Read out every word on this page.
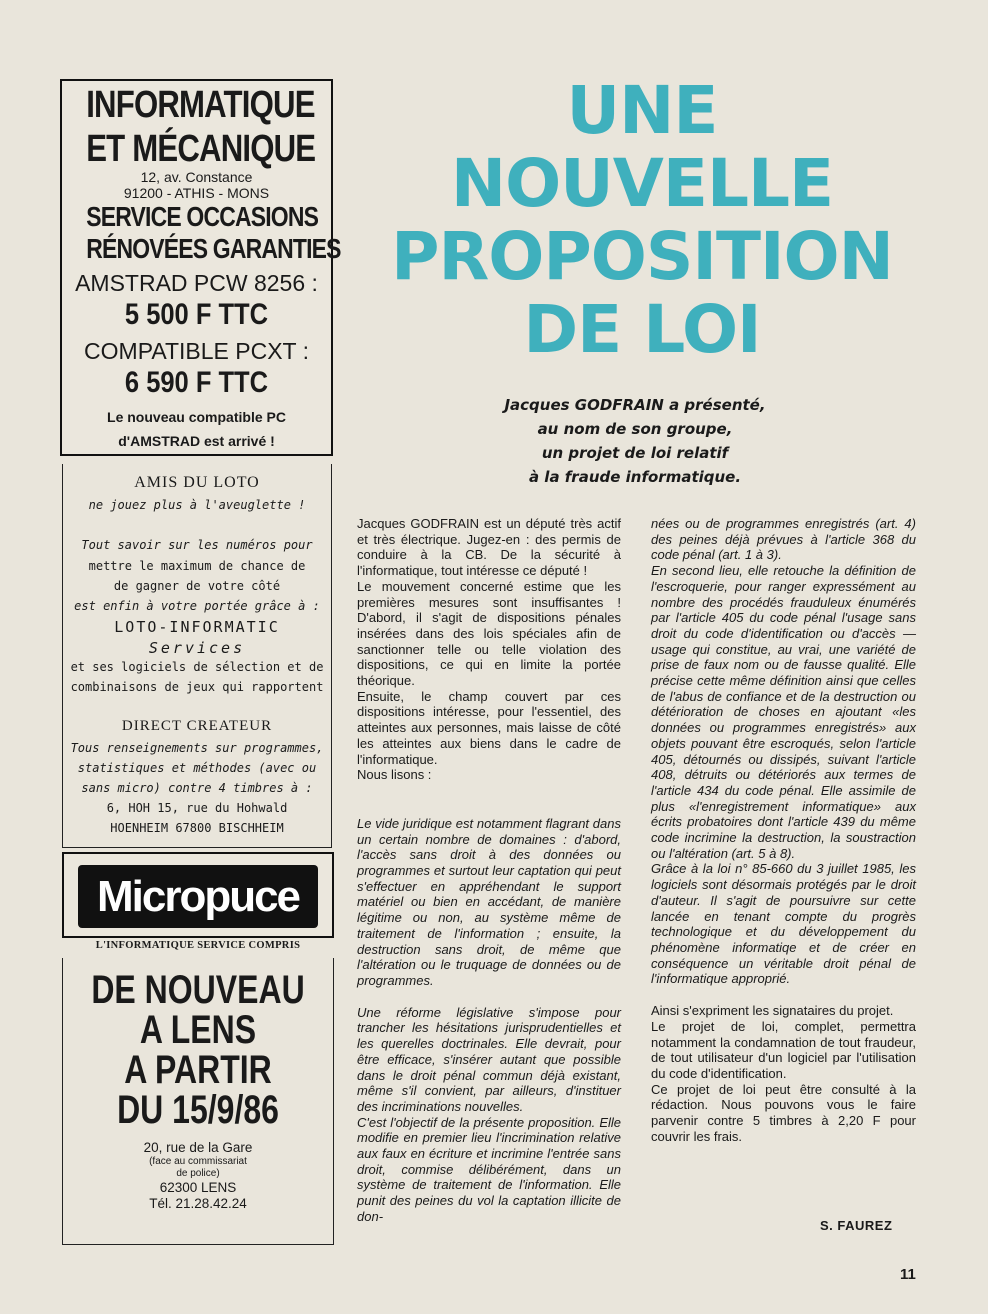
INFORMATIQUE
ET MÉCANIQUE
12, av. Constance
91200 - ATHIS - MONS
SERVICE OCCASIONS
RÉNOVÉES GARANTIES
AMSTRAD PCW 8256 :
5 500 F TTC
COMPATIBLE PCXT :
6 590 F TTC
Le nouveau compatible PC
d'AMSTRAD est arrivé !
AMIS DU LOTO
ne jouez plus à l'aveuglette !
Tout savoir sur les numéros pour
mettre le maximum de chance de
de gagner de votre côté
est enfin à votre portée grâce à :
LOTO-INFORMATIC
Services
et ses logiciels de sélection et de
combinaisons de jeux qui rapportent
DIRECT CREATEUR
Tous renseignements sur programmes,
statistiques et méthodes (avec ou
sans micro) contre 4 timbres à :
6, HOH 15, rue du Hohwald
HOENHEIM 67800 BISCHHEIM
Micropuce
L'INFORMATIQUE SERVICE COMPRIS
DE NOUVEAU
A LENS
A PARTIR
DU 15/9/86
20, rue de la Gare
(face au commissariat
de police)
62300 LENS
Tél. 21.28.42.24
UNE NOUVELLE
PROPOSITION
DE LOI
Jacques GODFRAIN a présenté,
au nom de son groupe,
un projet de loi relatif
à la fraude informatique.

Jacques GODFRAIN est un député très actif et très électrique. Jugez-en : des permis de conduire à la CB. De la sécurité à l'informatique, tout intéresse ce député !

Le mouvement concerné estime que les premières mesures sont insuffisantes ! D'abord, il s'agit de dispositions pénales insérées dans des lois spéciales afin de sanctionner telle ou telle violation des dispositions, ce qui en limite la portée théorique.

Ensuite, le champ couvert par ces dispositions intéresse, pour l'essentiel, des atteintes aux personnes, mais laisse de côté les atteintes aux biens dans le cadre de l'informatique.

Nous lisons :

Le vide juridique est notamment flagrant dans un certain nombre de domaines : d'abord, l'accès sans droit à des données ou programmes et surtout leur captation qui peut s'effectuer en appréhendant le support matériel ou bien en accédant, de manière légitime ou non, au système même de traitement de l'information ; ensuite, la destruction sans droit, de même que l'altération ou le truquage de données ou de programmes.

Une réforme législative s'impose pour trancher les hésitations jurisprudentielles et les querelles doctrinales. Elle devrait, pour être efficace, s'insérer autant que possible dans le droit pénal commun déjà existant, même s'il convient, par ailleurs, d'instituer des incriminations nouvelles.

C'est l'objectif de la présente proposition. Elle modifie en premier lieu l'incrimination relative aux faux en écriture et incrimine l'entrée sans droit, commise délibérément, dans un système de traitement de l'information. Elle punit des peines du vol la captation illicite de don-

nées ou de programmes enregistrés (art. 4) des peines déjà prévues à l'article 368 du code pénal (art. 1 à 3).

En second lieu, elle retouche la définition de l'escroquerie, pour ranger expressément au nombre des procédés frauduleux énumérés par l'article 405 du code pénal l'usage sans droit du code d'identification ou d'accès — usage qui constitue, au vrai, une variété de prise de faux nom ou de fausse qualité. Elle précise cette même définition ainsi que celles de l'abus de confiance et de la destruction ou détérioration de choses en ajoutant «les données ou programmes enregistrés» aux objets pouvant être escroqués, selon l'article 405, détournés ou dissipés, suivant l'article 408, détruits ou détériorés aux termes de l'article 434 du code pénal. Elle assimile de plus «l'enregistrement informatique» aux écrits probatoires dont l'article 439 du même code incrimine la destruction, la soustraction ou l'altération (art. 5 à 8).

Grâce à la loi n° 85-660 du 3 juillet 1985, les logiciels sont désormais protégés par le droit d'auteur. Il s'agit de poursuivre sur cette lancée en tenant compte du progrès technologique et du développement du phénomène informatiqe et de créer en conséquence un véritable droit pénal de l'informatique approprié.

Ainsi s'expriment les signataires du projet.

Le projet de loi, complet, permettra notamment la condamnation de tout fraudeur, de tout utilisateur d'un logiciel par l'utilisation du code d'identification.

Ce projet de loi peut être consulté à la rédaction. Nous pouvons vous le faire parvenir contre 5 timbres à 2,20 F pour couvrir les frais.

S. FAUREZ
11
